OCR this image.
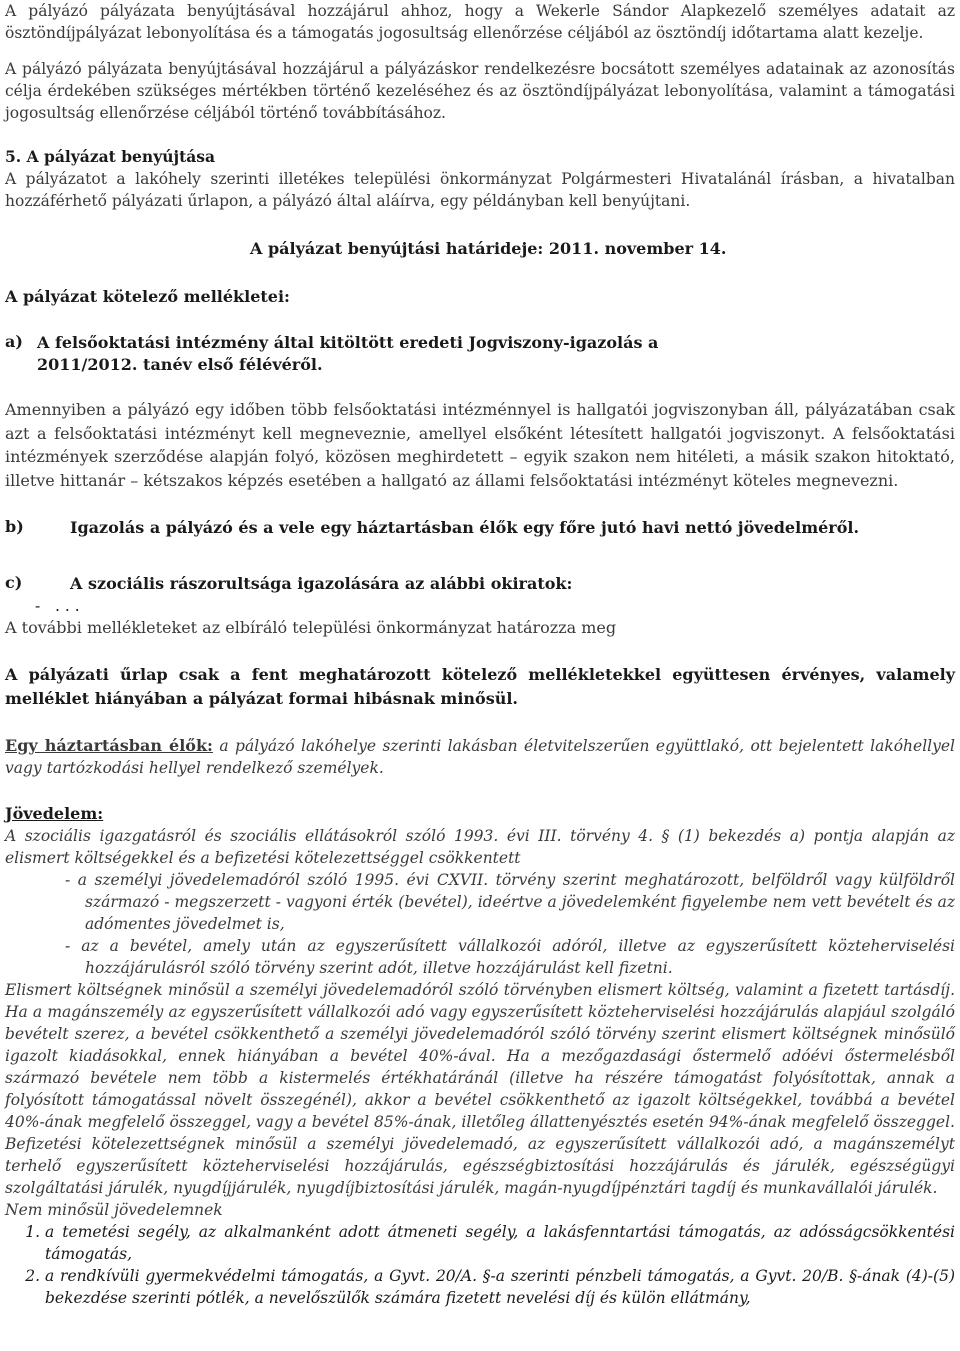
A pályázó pályázata benyújtásával hozzájárul ahhoz, hogy a Wekerle Sándor Alapkezelő személyes adatait az ösztöndíjpályázat lebonyolítása és a támogatás jogosultság ellenőrzése céljából az ösztöndíj időtartama alatt kezelje.

A pályázó pályázata benyújtásával hozzájárul a pályázáskor rendelkezésre bocsátott személyes adatainak az azonosítás célja érdekében szükséges mértékben történő kezeléséhez és az ösztöndíjpályázat lebonyolítása, valamint a támogatási jogosultság ellenőrzése céljából történő továbbításához.

5. A pályázat benyújtása

A pályázatot a lakóhely szerinti illetékes települési önkormányzat Polgármesteri Hivatalánál írásban, a hivatalban hozzáférhető pályázati űrlapon, a pályázó által aláírva, egy példányban kell benyújtani.

A pályázat benyújtási határideje: 2011. november 14.

A pályázat kötelező mellékletei:

a) A felsőoktatási intézmény által kitöltött eredeti Jogviszony-igazolás a 2011/2012. tanév első félévéről.

Amennyiben a pályázó egy időben több felsőoktatási intézménnyel is hallgatói jogviszonyban áll, pályázatában csak azt a felsőoktatási intézményt kell megneveznie, amellyel elsőként létesített hallgatói jogviszonyt. A felsőoktatási intézmények szerződése alapján folyó, közösen meghirdetett – egyik szakon nem hitéleti, a másik szakon hitoktató, illetve hittanár – kétszakos képzés esetében a hallgató az állami felsőoktatási intézményt köteles megnevezni.

b)	Igazolás a pályázó és a vele egy háztartásban élők egy főre jutó havi nettó jövedelméről.

c)	A szociális rászorultsága igazolására az alábbi okiratok:

-   . . .

A további mellékleteket az elbíráló települési önkormányzat határozza meg

A pályázati űrlap csak a fent meghatározott kötelező mellékletekkel együttesen érvényes, valamely melléklet hiányában a pályázat formai hibásnak minősül.

Egy háztartásban élők: a pályázó lakóhelye szerinti lakásban életvitelszerűen együttlakó, ott bejelentett lakóhellyel vagy tartózkodási hellyel rendelkező személyek.

Jövedelem:

A szociális igazgatásról és szociális ellátásokról szóló 1993. évi III. törvény 4. § (1) bekezdés a) pontja alapján az elismert költségekkel és a befizetési kötelezettséggel csökkentett

- a személyi jövedelemadóról szóló 1995. évi CXVII. törvény szerint meghatározott, belföldről vagy külföldről származó - megszerzett - vagyoni érték (bevétel), ideértve a jövedelemként figyelembe nem vett bevételt és az adómentes jövedelmet is,

- az a bevétel, amely után az egyszerűsített vállalkozói adóról, illetve az egyszerűsített közteherviselési hozzájárulásról szóló törvény szerint adót, illetve hozzájárulást kell fizetni.

Elismert költségnek minősül a személyi jövedelemadóról szóló törvényben elismert költség, valamint a fizetett tartásdíj. Ha a magánszemély az egyszerűsített vállalkozói adó vagy egyszerűsített közteherviselési hozzájárulás alapjául szolgáló bevételt szerez, a bevétel csökkenthető a személyi jövedelemadóról szóló törvény szerint elismert költségnek minősülő igazolt kiadásokkal, ennek hiányában a bevétel 40%-ával. Ha a mezőgazdasági őstermelő adóévi őstermelésből származó bevétele nem több a kistermelés értékhatáránál (illetve ha részére támogatást folyósítottak, annak a folyósított támogatással növelt összegénél), akkor a bevétel csökkenthető az igazolt költségekkel, továbbá a bevétel 40%-ának megfelelő összeggel, vagy a bevétel 85%-ának, illetőleg állattenyésztés esetén 94%-ának megfelelő összeggel.

Befizetési kötelezettségnek minősül a személyi jövedelemadó, az egyszerűsített vállalkozói adó, a magánszemélyt terhelő egyszerűsített közteherviselési hozzájárulás, egészségbiztosítási hozzájárulás és járulék, egészségügyi szolgáltatási járulék, nyugdíjjárulék, nyugdíjbiztosítási járulék, magán-nyugdíjpénztári tagdíj és munkavállalói járulék.

Nem minősül jövedelemnek

1. a temetési segély, az alkalmanként adott átmeneti segély, a lakásfenntartási támogatás, az adósságcsökkentési támogatás,
2. a rendkívüli gyermekvédelmi támogatás, a Gyvt. 20/A. §-a szerinti pénzbeli támogatás, a Gyvt. 20/B. §-ának (4)-(5) bekezdése szerinti pótlék, a nevelőszülők számára fizetett nevelési díj és külön ellátmány,
